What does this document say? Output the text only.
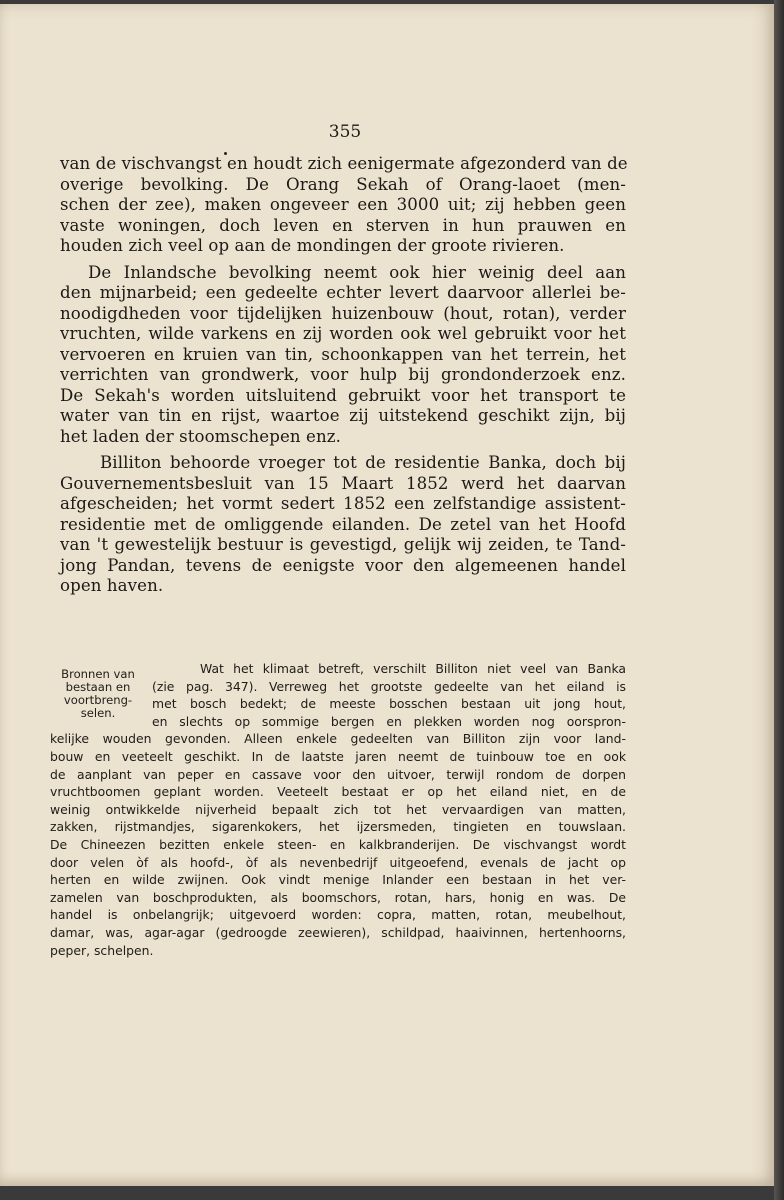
355
van de vischvangst en houdt zich eenigermate afgezonderd van de
overige bevolking. De Orang Sekah of Orang-laoet (men-
schen der zee), maken ongeveer een 3000 uit; zij hebben geen
vaste woningen, doch leven en sterven in hun prauwen en
houden zich veel op aan de mondingen der groote rivieren.
De Inlandsche bevolking neemt ook hier weinig deel aan
den mijnarbeid; een gedeelte echter levert daarvoor allerlei be-
noodigdheden voor tijdelijken huizenbouw (hout, rotan), verder
vruchten, wilde varkens en zij worden ook wel gebruikt voor het
vervoeren en kruien van tin, schoonkappen van het terrein, het
verrichten van grondwerk, voor hulp bij grondonderzoek enz.
De Sekah's worden uitsluitend gebruikt voor het transport te
water van tin en rijst, waartoe zij uitstekend geschikt zijn, bij
het laden der stoomschepen enz.
Billiton behoorde vroeger tot de residentie Banka, doch bij
Gouvernementsbesluit van 15 Maart 1852 werd het daarvan
afgescheiden; het vormt sedert 1852 een zelfstandige assistent-
residentie met de omliggende eilanden. De zetel van het Hoofd
van 't gewestelijk bestuur is gevestigd, gelijk wij zeiden, te Tand-
jong Pandan, tevens de eenigste voor den algemeenen handel
open haven.
Bronnen van
bestaan en
voortbreng-
selen.
Wat het klimaat betreft, verschilt Billiton niet veel van Banka
(zie pag. 347). Verreweg het grootste gedeelte van het eiland is
met bosch bedekt; de meeste bosschen bestaan uit jong hout,
en slechts op sommige bergen en plekken worden nog oorspron-
kelijke wouden gevonden. Alleen enkele gedeelten van Billiton zijn voor land-
bouw en veeteelt geschikt. In de laatste jaren neemt de tuinbouw toe en ook
de aanplant van peper en cassave voor den uitvoer, terwijl rondom de dorpen
vruchtboomen geplant worden. Veeteelt bestaat er op het eiland niet, en de
weinig ontwikkelde nijverheid bepaalt zich tot het vervaardigen van matten,
zakken, rijstmandjes, sigarenkokers, het ijzersmeden, tingieten en touwslaan.
De Chineezen bezitten enkele steen- en kalkbranderijen. De vischvangst wordt
door velen òf als hoofd-, òf als nevenbedrijf uitgeoefend, evenals de jacht op
herten en wilde zwijnen. Ook vindt menige Inlander een bestaan in het ver-
zamelen van boschprodukten, als boomschors, rotan, hars, honig en was. De
handel is onbelangrijk; uitgevoerd worden: copra, matten, rotan, meubelhout,
damar, was, agar-agar (gedroogde zeewieren), schildpad, haaivinnen, hertenhoorns,
peper, schelpen.
